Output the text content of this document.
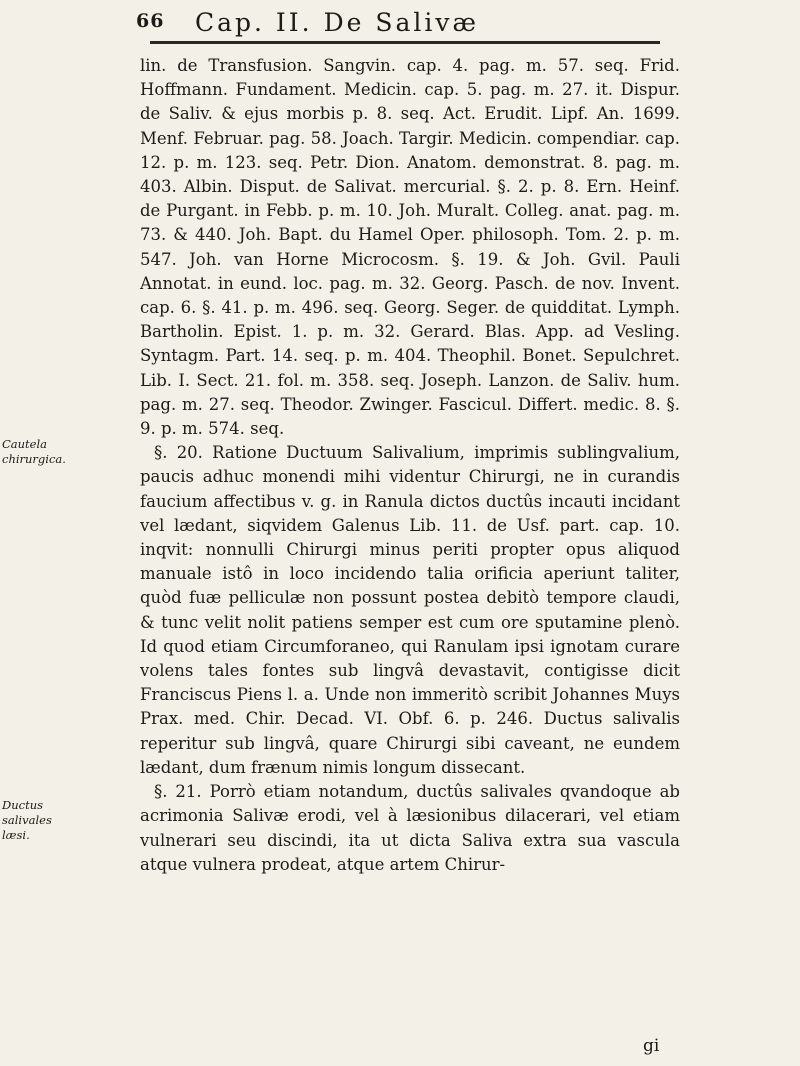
66 Cap. II. De Salivæ
Cautela chirurgica.
Ductus salivales læsi.

lin. de Transfusion. Sangvin. cap. 4. pag. m. 57. seq. Frid. Hoffmann. Fundament. Medicin. cap. 5. pag. m. 27. it. Dispur. de Saliv. & ejus morbis p. 8. seq. Act. Erudit. Lipf. An. 1699. Menf. Februar. pag. 58. Joach. Targir. Medicin. compendiar. cap. 12. p. m. 123. seq. Petr. Dion. Anatom. demonstrat. 8. pag. m. 403. Albin. Disput. de Salivat. mercurial. §. 2. p. 8. Ern. Heinf. de Purgant. in Febb. p. m. 10. Joh. Muralt. Colleg. anat. pag. m. 73. & 440. Joh. Bapt. du Hamel Oper. philosoph. Tom. 2. p. m. 547. Joh. van Horne Microcosm. §. 19. & Joh. Gvil. Pauli Annotat. in eund. loc. pag. m. 32. Georg. Pasch. de nov. Invent. cap. 6. §. 41. p. m. 496. seq. Georg. Seger. de quidditat. Lymph. Bartholin. Epist. 1. p. m. 32. Gerard. Blas. App. ad Vesling. Syntagm. Part. 14. seq. p. m. 404. Theophil. Bonet. Sepulchret. Lib. I. Sect. 21. fol. m. 358. seq. Joseph. Lanzon. de Saliv. hum. pag. m. 27. seq. Theodor. Zwinger. Fasciсul. Differt. medic. 8. §. 9. p. m. 574. seq.

§. 20. Ratione Ductuum Salivalium, imprimis sublingvalium, paucis adhuc monendi mihi videntur Chirurgi, ne in curandis faucium affectibus v. g. in Ranula dictos ductûs incauti incidant vel lædant, siqvidem Galenus Lib. 11. de Usf. part. cap. 10. inqvit: nonnulli Chirurgi minus periti propter opus aliquod manuale istô in loco incidendo talia orificia aperiunt taliter, quòd fuæ pelliculæ non possunt postea debitò tempore claudi, & tunc velit nolit patiens semper est cum ore sputamine plenò. Id quod etiam Circumforaneo, qui Ranulam ipsi ignotam curare volens tales fontes sub lingvâ devastavit, contigisse dicit Franciscus Piens l. a. Unde non immeritò scribit Johannes Muys Prax. med. Chir. Decad. VI. Obf. 6. p. 246. Ductus salivalis reperitur sub lingvâ, quare Chirurgi sibi caveant, ne eundem lædant, dum frænum nimis longum dissecant.

§. 21. Porrò etiam notandum, ductûs salivales qvandoque ab acrimonia Salivæ erodi, vel à læsionibus dilacerari, vel etiam vulnerari seu discindi, ita ut dicta Saliva extra sua vascula atque vulnera prodeat, atque artem Chirur-

gi
